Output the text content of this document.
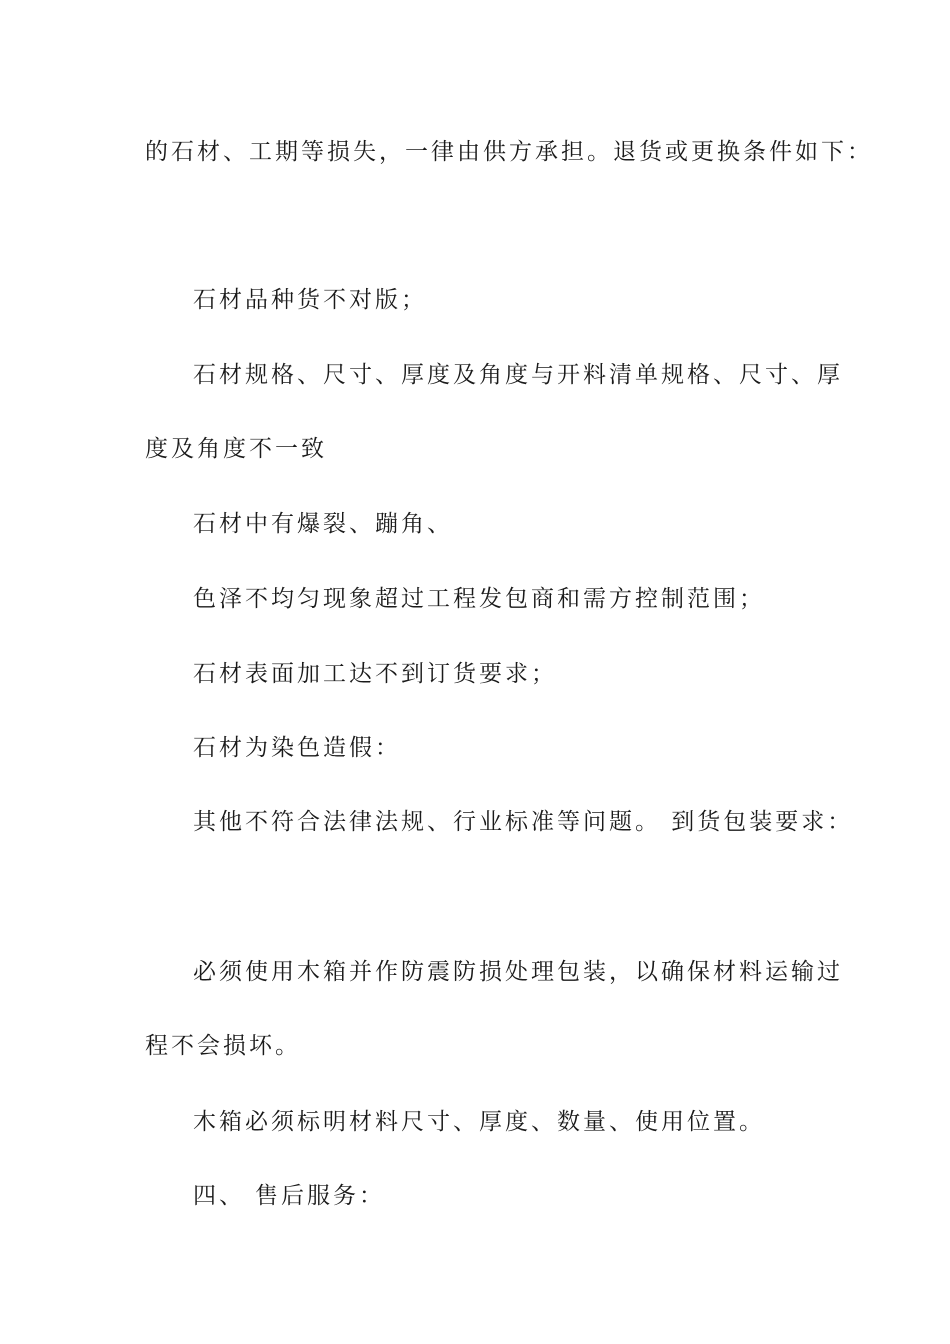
的石材、工期等损失，一律由供方承担。退货或更换条件如下：

石材品种货不对版；

石材规格、尺寸、厚度及角度与开料清单规格、尺寸、厚

度及角度不一致

石材中有爆裂、蹦角、

色泽不均匀现象超过工程发包商和需方控制范围；

石材表面加工达不到订货要求；

石材为染色造假：

其他不符合法律法规、行业标准等问题。 到货包装要求：

必须使用木箱并作防震防损处理包装，以确保材料运输过

程不会损坏。

木箱必须标明材料尺寸、厚度、数量、使用位置。

四、 售后服务：
